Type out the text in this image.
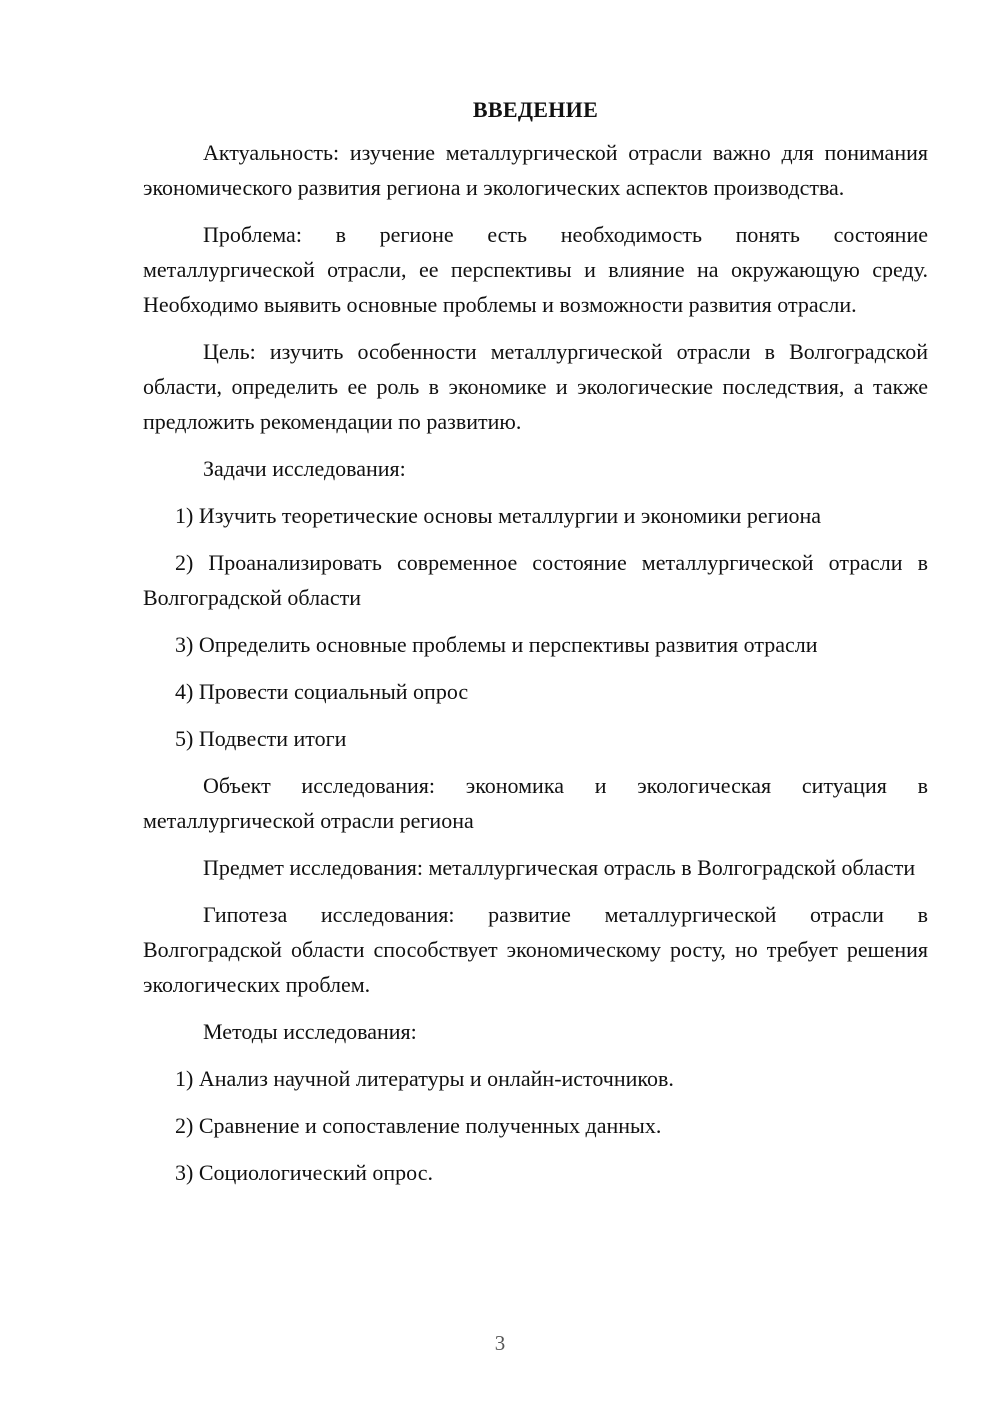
ВВЕДЕНИЕ

Актуальность: изучение металлургической отрасли важно для понимания экономического развития региона и экологических аспектов производства.

Проблема: в регионе есть необходимость понять состояние металлургической отрасли, ее перспективы и влияние на окружающую среду. Необходимо выявить основные проблемы и возможности развития отрасли.

Цель: изучить особенности металлургической отрасли в Волгоградской области, определить ее роль в экономике и экологические последствия, а также предложить рекомендации по развитию.

Задачи исследования:

1) Изучить теоретические основы металлургии и экономики региона

2) Проанализировать современное состояние металлургической отрасли в Волгоградской области

3) Определить основные проблемы и перспективы развития отрасли

4) Провести социальный опрос

5) Подвести итоги

Объект исследования: экономика и экологическая ситуация в металлургической отрасли региона

Предмет исследования: металлургическая отрасль в Волгоградской области

Гипотеза исследования: развитие металлургической отрасли в Волгоградской области способствует экономическому росту, но требует решения экологических проблем.

Методы исследования:

1) Анализ научной литературы и онлайн-источников.

2) Сравнение и сопоставление полученных данных.

3) Социологический опрос.

3
